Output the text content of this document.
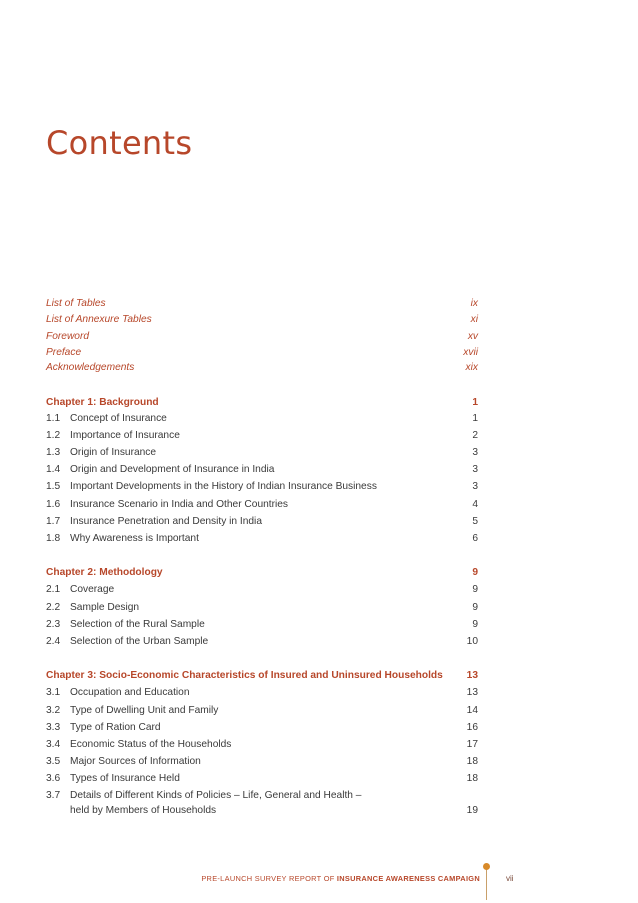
Contents
List of Tables	ix
List of Annexure Tables	xi
Foreword	xv
Preface	xvii
Acknowledgements	xix
Chapter 1: Background	1
1.1 Concept of Insurance	1
1.2 Importance of Insurance	2
1.3 Origin of Insurance	3
1.4 Origin and Development of Insurance in India	3
1.5 Important Developments in the History of Indian Insurance Business	3
1.6 Insurance Scenario in India and Other Countries	4
1.7 Insurance Penetration and Density in India	5
1.8 Why Awareness is Important	6
Chapter 2: Methodology	9
2.1 Coverage	9
2.2 Sample Design	9
2.3 Selection of the Rural Sample	9
2.4 Selection of the Urban Sample	10
Chapter 3: Socio-Economic Characteristics of Insured and Uninsured Households 13
3.1 Occupation and Education	13
3.2 Type of Dwelling Unit and Family	14
3.3 Type of Ration Card	16
3.4 Economic Status of the Households	17
3.5 Major Sources of Information	18
3.6 Types of Insurance Held	18
3.7 Details of Different Kinds of Policies – Life, General and Health –
held by Members of Households	19
PRE-LAUNCH SURVEY REPORT OF INSURANCE AWARENESS CAMPAIGN	vii
